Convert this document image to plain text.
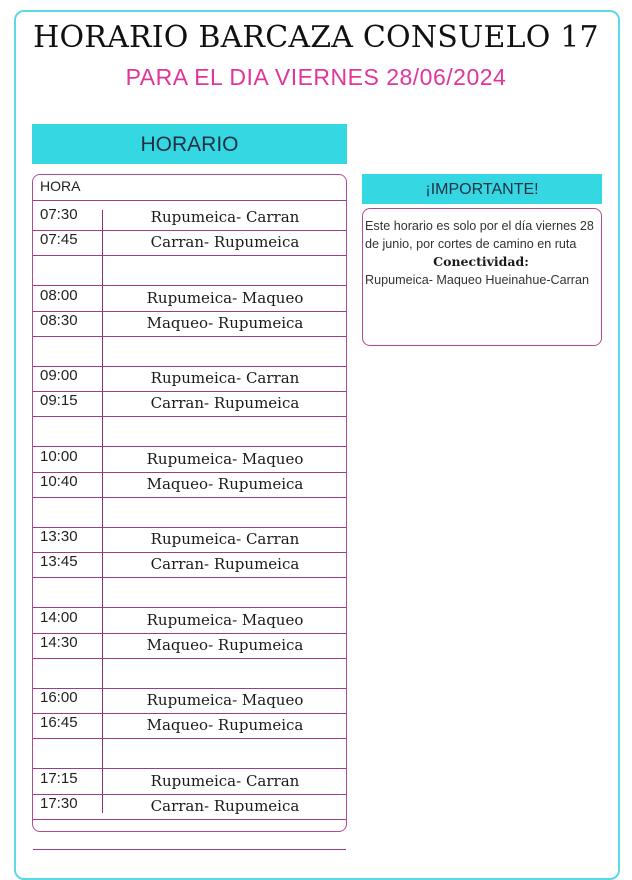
HORARIO BARCAZA CONSUELO 17
PARA EL DIA VIERNES 28/06/2024
HORARIO
HORA
07:30	Rupumeica- Carran
07:45	Carran- Rupumeica
08:00	Rupumeica- Maqueo
08:30	Maqueo- Rupumeica
09:00	Rupumeica- Carran
09:15	Carran- Rupumeica
10:00	Rupumeica- Maqueo
10:40	Maqueo- Rupumeica
13:30	Rupumeica- Carran
13:45	Carran- Rupumeica
14:00	Rupumeica- Maqueo
14:30	Maqueo- Rupumeica
16:00	Rupumeica- Maqueo
16:45	Maqueo- Rupumeica
17:15	Rupumeica- Carran
17:30	Carran- Rupumeica
¡IMPORTANTE!
Este horario es solo por el día viernes 28 de junio, por cortes de camino en ruta
Conectividad:
Rupumeica- Maqueo Hueinahue-Carran
